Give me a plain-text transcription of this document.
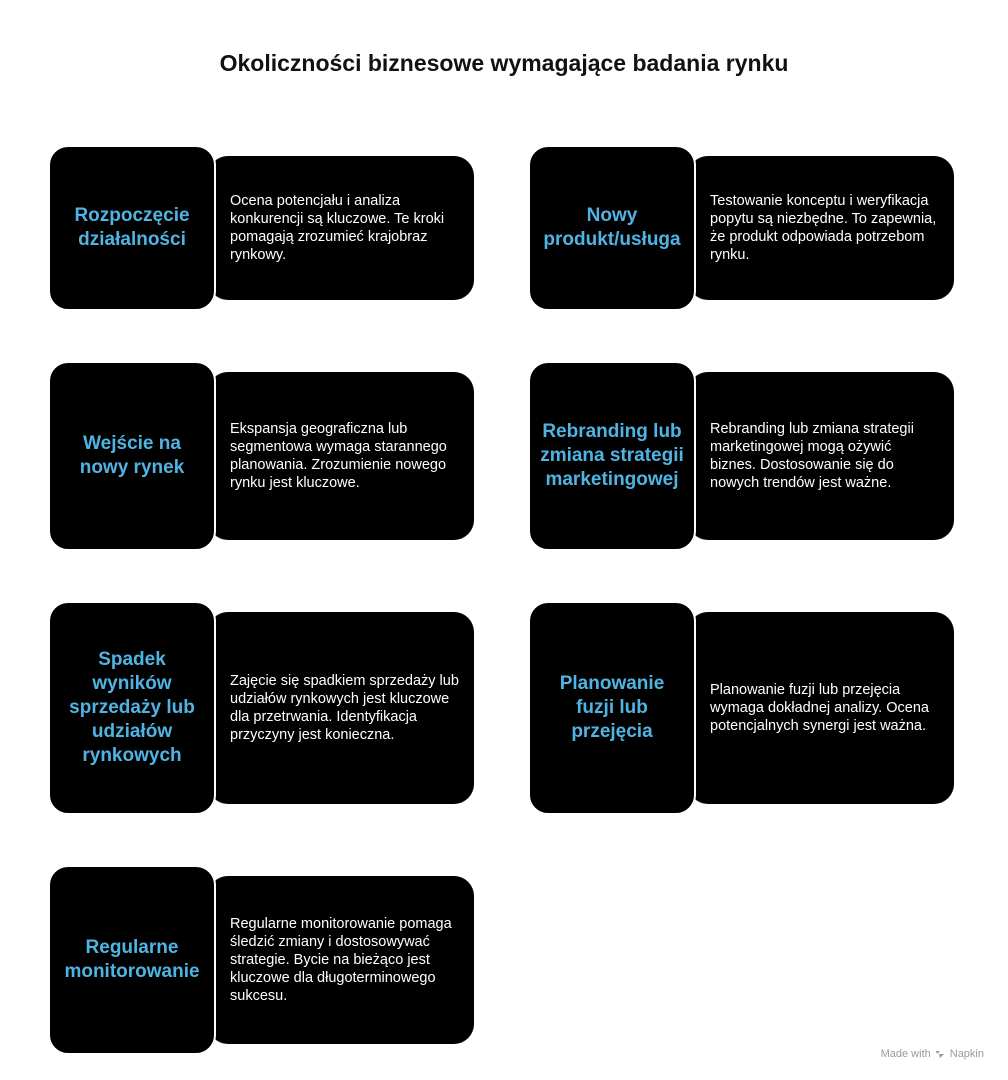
Okoliczności biznesowe wymagające badania rynku
Ocena potencjału i analiza konkurencji są kluczowe. Te kroki pomagają zrozumieć krajobraz rynkowy.
Rozpoczęcie działalności
Testowanie konceptu i weryfikacja popytu są niezbędne. To zapewnia, że produkt odpowiada potrzebom rynku.
Nowy produkt/usługa
Ekspansja geograficzna lub segmentowa wymaga starannego planowania. Zrozumienie nowego rynku jest kluczowe.
Wejście na nowy rynek
Rebranding lub zmiana strategii marketingowej mogą ożywić biznes. Dostosowanie się do nowych trendów jest ważne.
Rebranding lub zmiana strategii marketingowej
Zajęcie się spadkiem sprzedaży lub udziałów rynkowych jest kluczowe dla przetrwania. Identyfikacja przyczyny jest konieczna.
Spadek wyników sprzedaży lub udziałów rynkowych
Planowanie fuzji lub przejęcia wymaga dokładnej analizy. Ocena potencjalnych synergi jest ważna.
Planowanie fuzji lub przejęcia
Regularne monitorowanie pomaga śledzić zmiany i dostosowywać strategie. Bycie na bieżąco jest kluczowe dla długoterminowego sukcesu.
Regularne monitorowanie
Made with Napkin
